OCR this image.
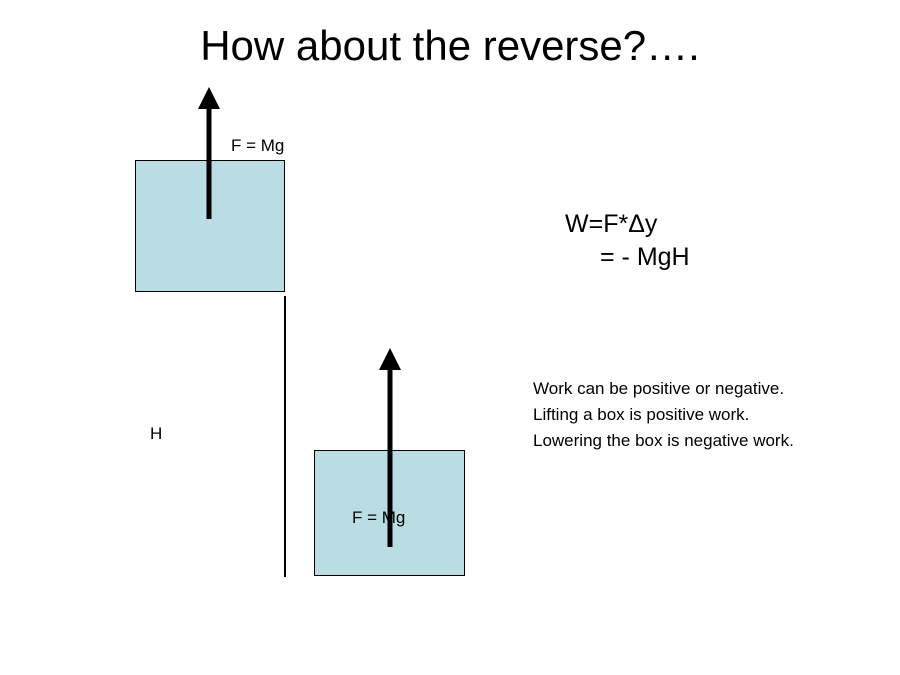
How about the reverse?….
F = Mg
H
F = Mg
W=F*Δy
= - MgH
Work can be positive or negative.
Lifting a box is positive work.
Lowering the box is negative work.
